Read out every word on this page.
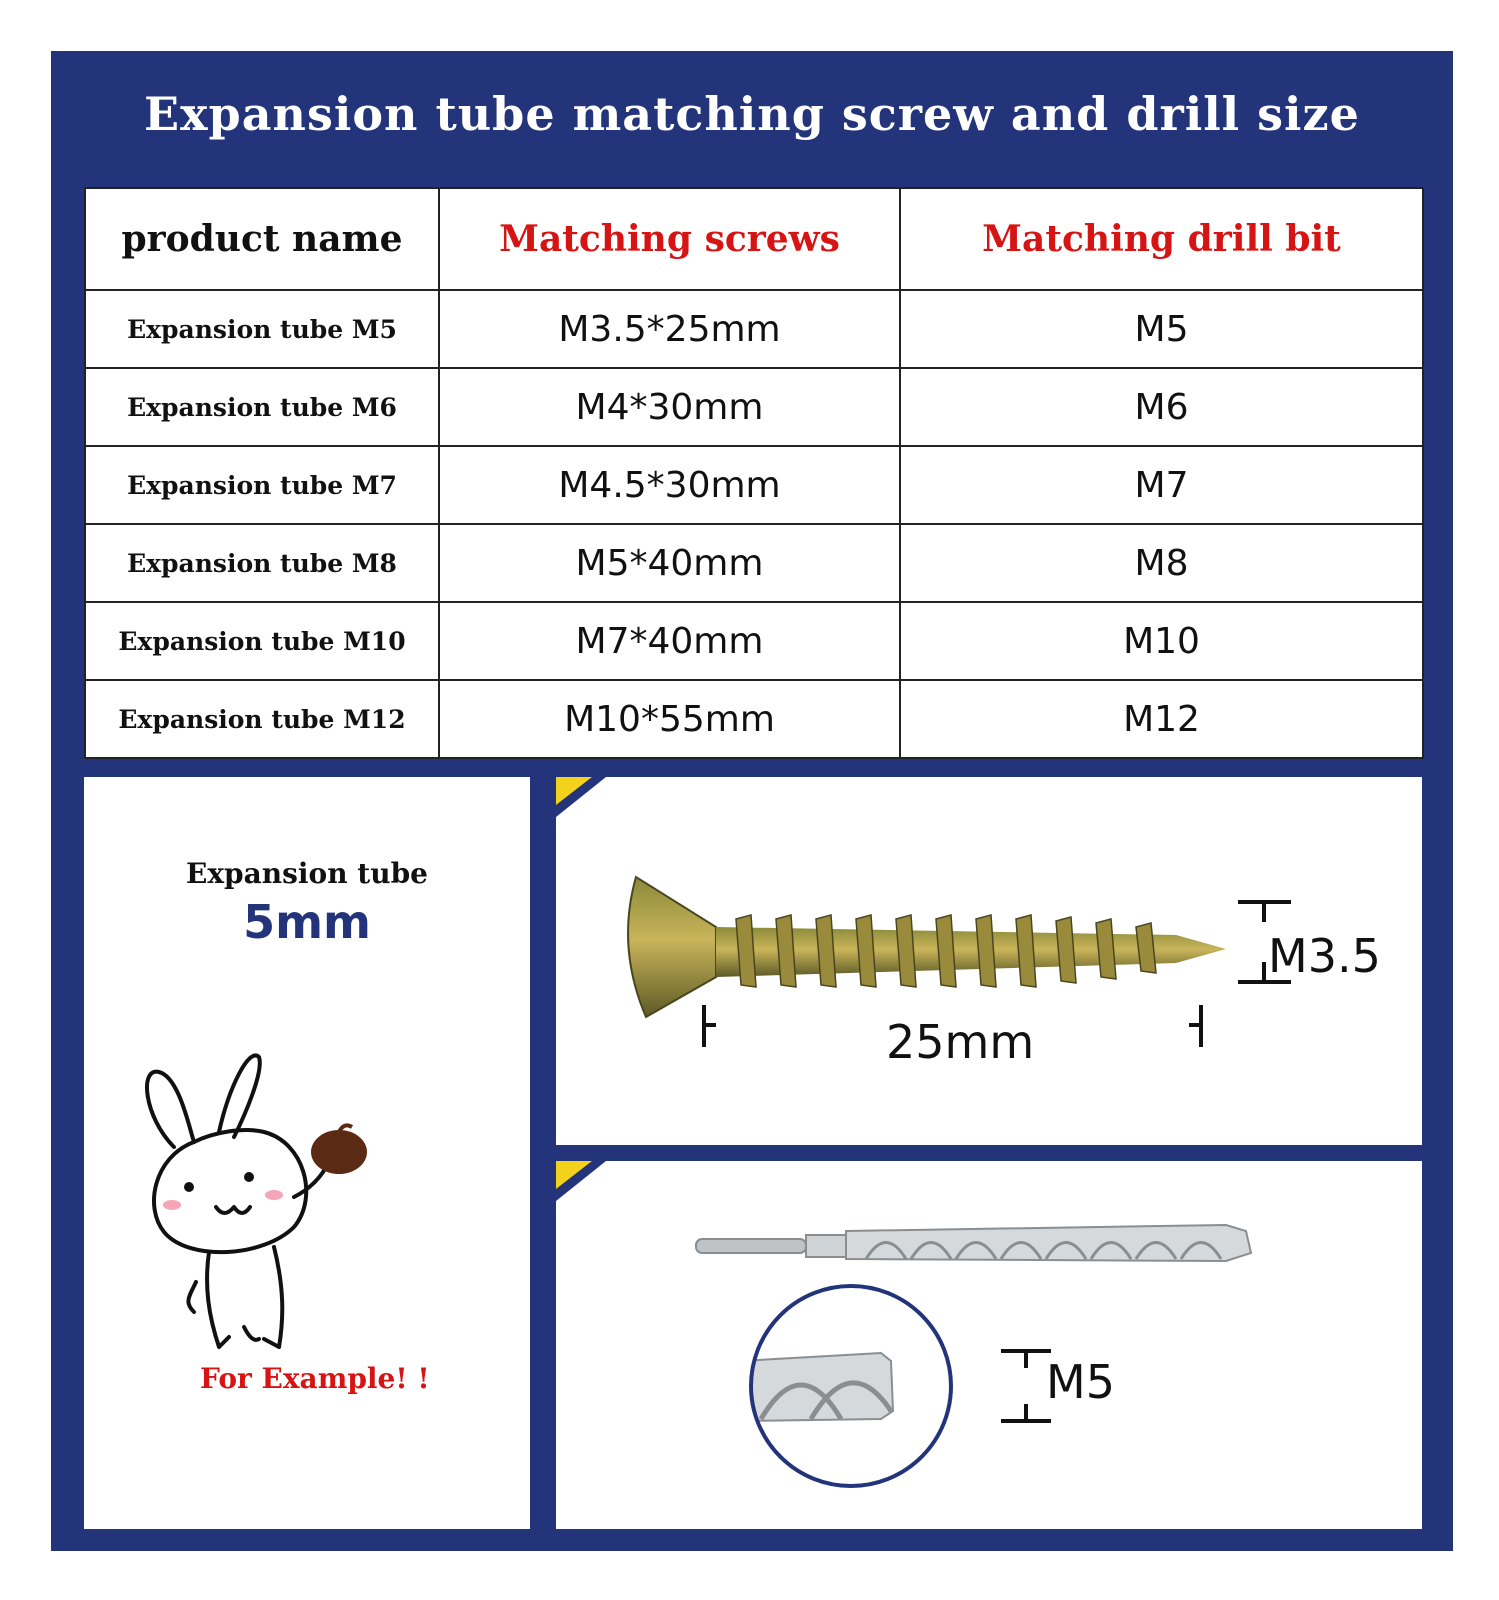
Expansion tube matching screw and drill size
product name	Matching screws	Matching drill bit
Expansion tube M5	M3.5*25mm	M5
Expansion tube M6	M4*30mm	M6
Expansion tube M7	M4.5*30mm	M7
Expansion tube M8	M5*40mm	M8
Expansion tube M10	M7*40mm	M10
Expansion tube M12	M10*55mm	M12
Expansion tube
5mm
For Example! !
25mm
M3.5
M5
